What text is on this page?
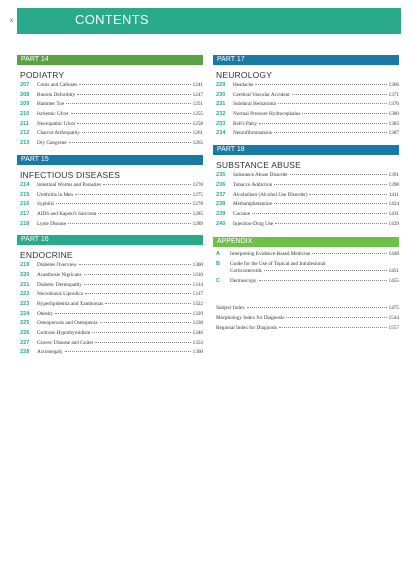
x	CONTENTS
PART 14
PODIATRY
207	Corns and Calluses	1241
208	Bunion Deformity	1247
209	Hammer Toe	1251
210	Ischemic Ulcer	1255
211	Neuropathic Ulcer	1258
212	Charcot Arthropathy	1261
213	Dry Gangrene	1265
PART 15
INFECTIOUS DISEASES
214	Intestinal Worms and Parasites	1270
215	Urethritis in Men	1275
216	Syphilis	1278
217	AIDS and Kaposi's Sarcoma	1285
218	Lyme Disease	1289
PART 16
ENDOCRINE
219	Diabetes Overview	1300
220	Acanthosis Nigricans	1310
221	Diabetic Dermopathy	1314
222	Necrobiosis Lipoidica	1317
223	Hyperlipidemia and Xanthomas	1322
224	Obesity	1329
225	Osteoporosis and Osteopenia	1338
226	Goitrous Hypothyroidism	1346
227	Graves' Disease and Goiter	1353
228	Acromegaly	1360
PART 17
NEUROLOGY
229	Headache	1366
230	Cerebral Vascular Accident	1371
231	Subdural Hematoma	1376
232	Normal Pressure Hydrocephalus	1380
233	Bell's Palsy	1383
234	Neurofibromatosis	1387
PART 18
SUBSTANCE ABUSE
235	Substance Abuse Disorder	1391
236	Tobacco Addiction	1398
237	Alcoholism (Alcohol Use Disorder)	1411
238	Methamphetamine	1424
239	Cocaine	1431
240	Injection-Drug Use	1439
APPENDIX
A	Interpreting Evidence-Based Medicine	1448
B	Guide for the Use of Topical and Intralesional
Corticosteroids	1451
C	Dermoscopy	1455
Subject Index	1475
Morphology Index for Diagnosis	1544
Regional Index for Diagnosis	1557
